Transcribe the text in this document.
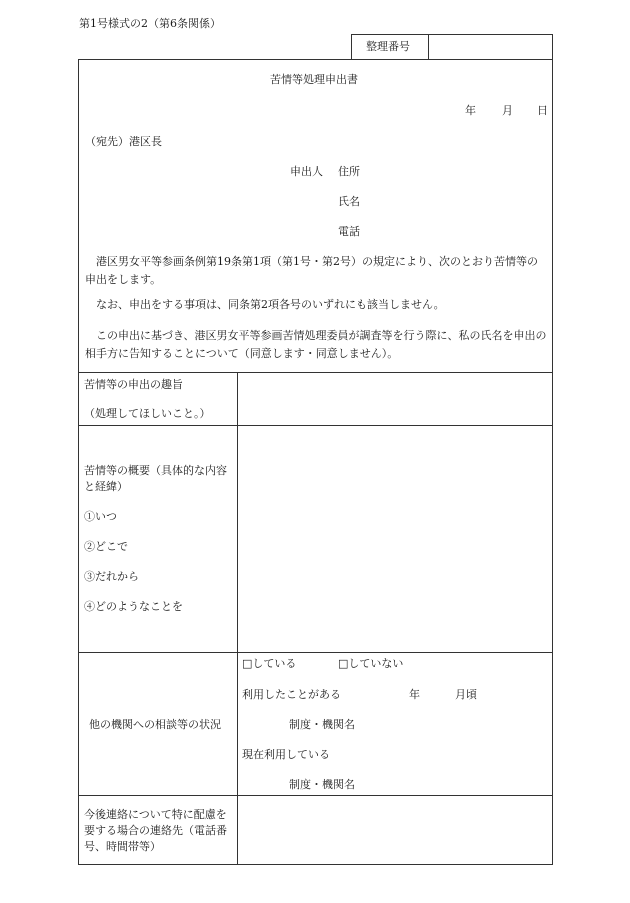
第1号様式の2（第6条関係）
整理番号
苦情等処理申出書
年 月 日
（宛先）港区長
申出人 住所
氏名
電話
港区男女平等参画条例第19条第1項（第1号・第2号）の規定により、次のとおり苦情等の申出をします。
なお、申出をする事項は、同条第2項各号のいずれにも該当しません。
この申出に基づき、港区男女平等参画苦情処理委員が調査等を行う際に、私の氏名を申出の相手方に告知することについて（同意します・同意しません）。
苦情等の申出の趣旨
（処理してほしいこと。）
苦情等の概要（具体的な内容と経緯）
①いつ
②どこで
③だれから
④どのようなことを
他の機関への相談等の状況
□している	□していない
利用したことがある	年	月頃
制度・機関名
現在利用している
制度・機関名
今後連絡について特に配慮を要する場合の連絡先（電話番号、時間帯等）
